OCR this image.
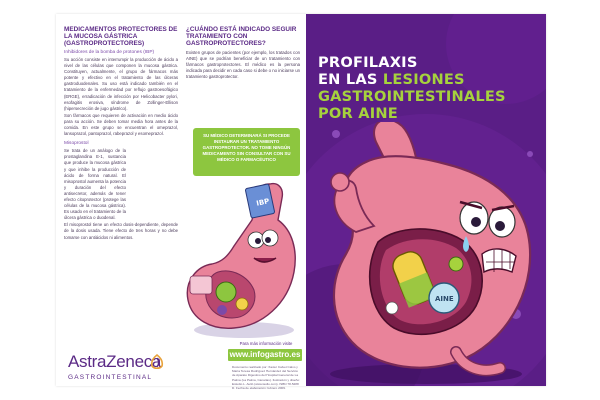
MEDICAMENTOS PROTECTORES DE LA MUCOSA GÁSTRICA (GASTROPROTECTORES)
Inhibidores de la bomba de protones (IBP)
Su acción consiste en interrumpir la producción de ácido a nivel de las células que componen la mucosa gástrica. Constituyen, actualmente, el grupo de fármacos más potente y efectivo en el tratamiento de las úlceras gastroduodenales. Su uso está indicado también en el tratamiento de la enfermedad por reflujo gastroesofágico (ERGE), erradicación de infección por Helicobacter pylori, esofagitis erosiva, síndrome de Zollinger-Ellison (hipersecreción de jugo gástrico).
Son fármacos que requieren de activación en medio ácido para su acción. Se deben tomar media hora antes de la comida. En este grupo se encuentran el omeprazol, lansoprazol, pantoprazol, rabeprazol y esomeprazol.
Misoprostol
Se trata de un análogo de la prostaglandina E-1, sustancia que produce la mucosa gástrica y que inhibe la producción de ácido de forma natural. El misoprostol aumenta la potencia y duración del efecto antisecretor, además de tener efecto citoprotector (protege las células de la mucosa gástrica). Es usado en el tratamiento de la úlcera gástrica o duodenal.
El misoprostol tiene un efecto dosis-dependiente, depende de la dosis usada. Tiene efecto de tres horas y no debe tomarse con antiácidos ni alimentos.
¿CUÁNDO ESTÁ INDICADO SEGUIR TRATAMIENTO CON GASTROPROTECTORES?
Existen grupos de pacientes (por ejemplo, los tratados con AINE) que se podrían beneficiar de un tratamiento con fármacos gastroprotectores. El médico es la persona indicada para decidir en cada caso si debe o no iniciarse un tratamiento gastroprotector.
SU MÉDICO DETERMINARÁ SI PROCEDE INSTAURAR UN TRATAMIENTO GASTROPROTECTOR. NO TOME NINGÚN MEDICAMENTO SIN CONSULTAR CON SU MÉDICO O FARMACÉUTICO
IBP
Para más información visite
www.infogastro.es
Documento realizado por: Xavier Calvet Calvo y María Teresa Rodríguez Hernández del Servicio de Aparato Digestivo del Hospital General de La Palma (La Palma, Canarias). Ilustración y diseño: Estudio L. Aulló (www.laullo.com). ISBN 78-5288 D. Fecha de elaboración: febrero 2009.
AstraZeneca
GASTROINTESTINAL
PROFILAXIS
EN LAS LESIONES
GASTROINTESTINALES
POR AINE
AINE
